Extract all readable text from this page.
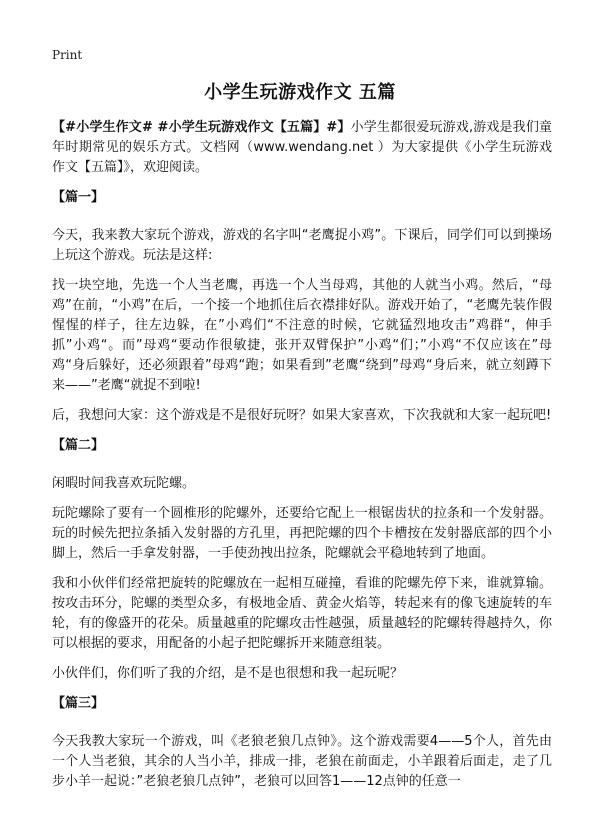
Print
小学生玩游戏作文 五篇

【#小学生作文# #小学生玩游戏作文【五篇】#】小学生都很爱玩游戏,游戏是我们童年时期常见的娱乐方式。文档网（www.wendang.net ）为大家提供《小学生玩游戏作文【五篇】》，欢迎阅读。

【篇一】

今天，我来教大家玩个游戏，游戏的名字叫“老鹰捉小鸡”。下课后，同学们可以到操场上玩这个游戏。玩法是这样:

找一块空地，先选一个人当老鹰，再选一个人当母鸡，其他的人就当小鸡。然后，“母鸡”在前，“小鸡”在后，一个接一个地抓住后衣襟排好队。游戏开始了，“老鹰先装作假惺惺的样子，往左边躲，在”小鸡们“不注意的时候，它就猛烈地攻击”鸡群“，伸手抓”小鸡“。而”母鸡“要动作很敏捷，张开双臂保护”小鸡“们；”小鸡“不仅应该在”母鸡“身后躲好，还必须跟着”母鸡“跑；如果看到”老鹰“绕到”母鸡“身后来，就立刻蹲下来——”老鹰“就捉不到啦!

后，我想问大家：这个游戏是不是很好玩呀？如果大家喜欢，下次我就和大家一起玩吧!

【篇二】

闲暇时间我喜欢玩陀螺。

玩陀螺除了要有一个圆椎形的陀螺外，还要给它配上一根锯齿状的拉条和一个发射器。玩的时候先把拉条插入发射器的方孔里，再把陀螺的四个卡槽按在发射器底部的四个小脚上，然后一手拿发射器，一手使劲拽出拉条，陀螺就会平稳地转到了地面。

我和小伙伴们经常把旋转的陀螺放在一起相互碰撞，看谁的陀螺先停下来，谁就算输。按攻击环分，陀螺的类型众多，有极地金盾、黄金火焰等，转起来有的像飞速旋转的车轮，有的像盛开的花朵。质量越重的陀螺攻击性越强，质量越轻的陀螺转得越持久，你可以根据的要求，用配备的小起子把陀螺拆开来随意组装。

小伙伴们，你们听了我的介绍，是不是也很想和我一起玩呢？

【篇三】

今天我教大家玩一个游戏，叫《老狼老狼几点钟》。这个游戏需要4——5个人，首先由一个人当老狼，其余的人当小羊，排成一排，老狼在前面走，小羊跟着后面走，走了几步小羊一起说：”老狼老狼几点钟”，老狼可以回答1——12点钟的任意一
